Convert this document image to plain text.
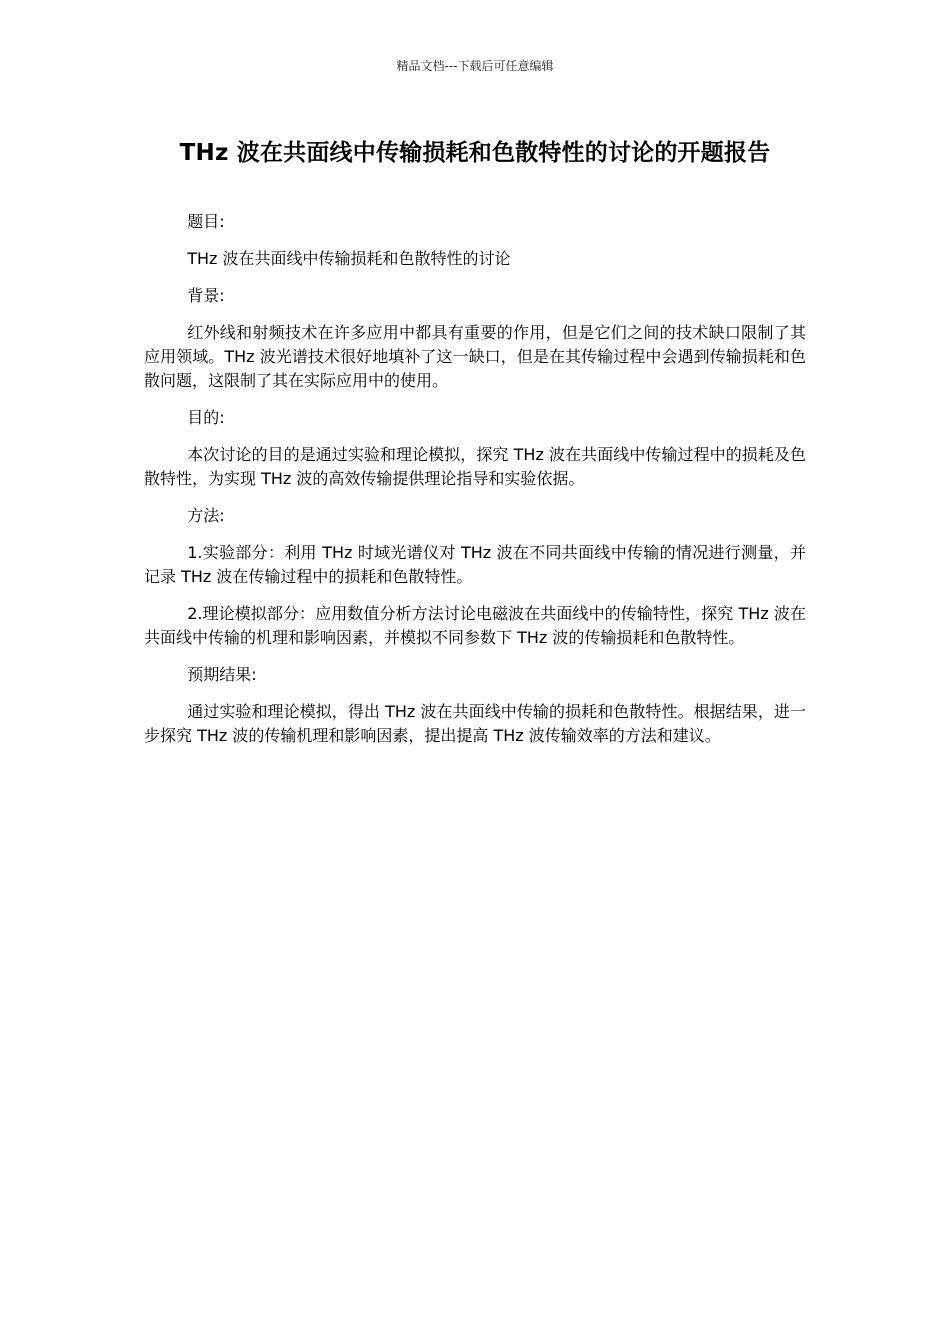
精品文档---下载后可任意编辑
THz 波在共面线中传输损耗和色散特性的讨论的开题报告

题目:

THz 波在共面线中传输损耗和色散特性的讨论

背景:

红外线和射频技术在许多应用中都具有重要的作用，但是它们之间的技术缺口限制了其应用领域。THz 波光谱技术很好地填补了这一缺口，但是在其传输过程中会遇到传输损耗和色散问题，这限制了其在实际应用中的使用。

目的:

本次讨论的目的是通过实验和理论模拟，探究 THz 波在共面线中传输过程中的损耗及色散特性，为实现 THz 波的高效传输提供理论指导和实验依据。

方法:

1.实验部分：利用 THz 时域光谱仪对 THz 波在不同共面线中传输的情况进行测量，并记录 THz 波在传输过程中的损耗和色散特性。

2.理论模拟部分：应用数值分析方法讨论电磁波在共面线中的传输特性，探究 THz 波在共面线中传输的机理和影响因素，并模拟不同参数下 THz 波的传输损耗和色散特性。

预期结果:

通过实验和理论模拟，得出 THz 波在共面线中传输的损耗和色散特性。根据结果，进一步探究 THz 波的传输机理和影响因素，提出提高 THz 波传输效率的方法和建议。
